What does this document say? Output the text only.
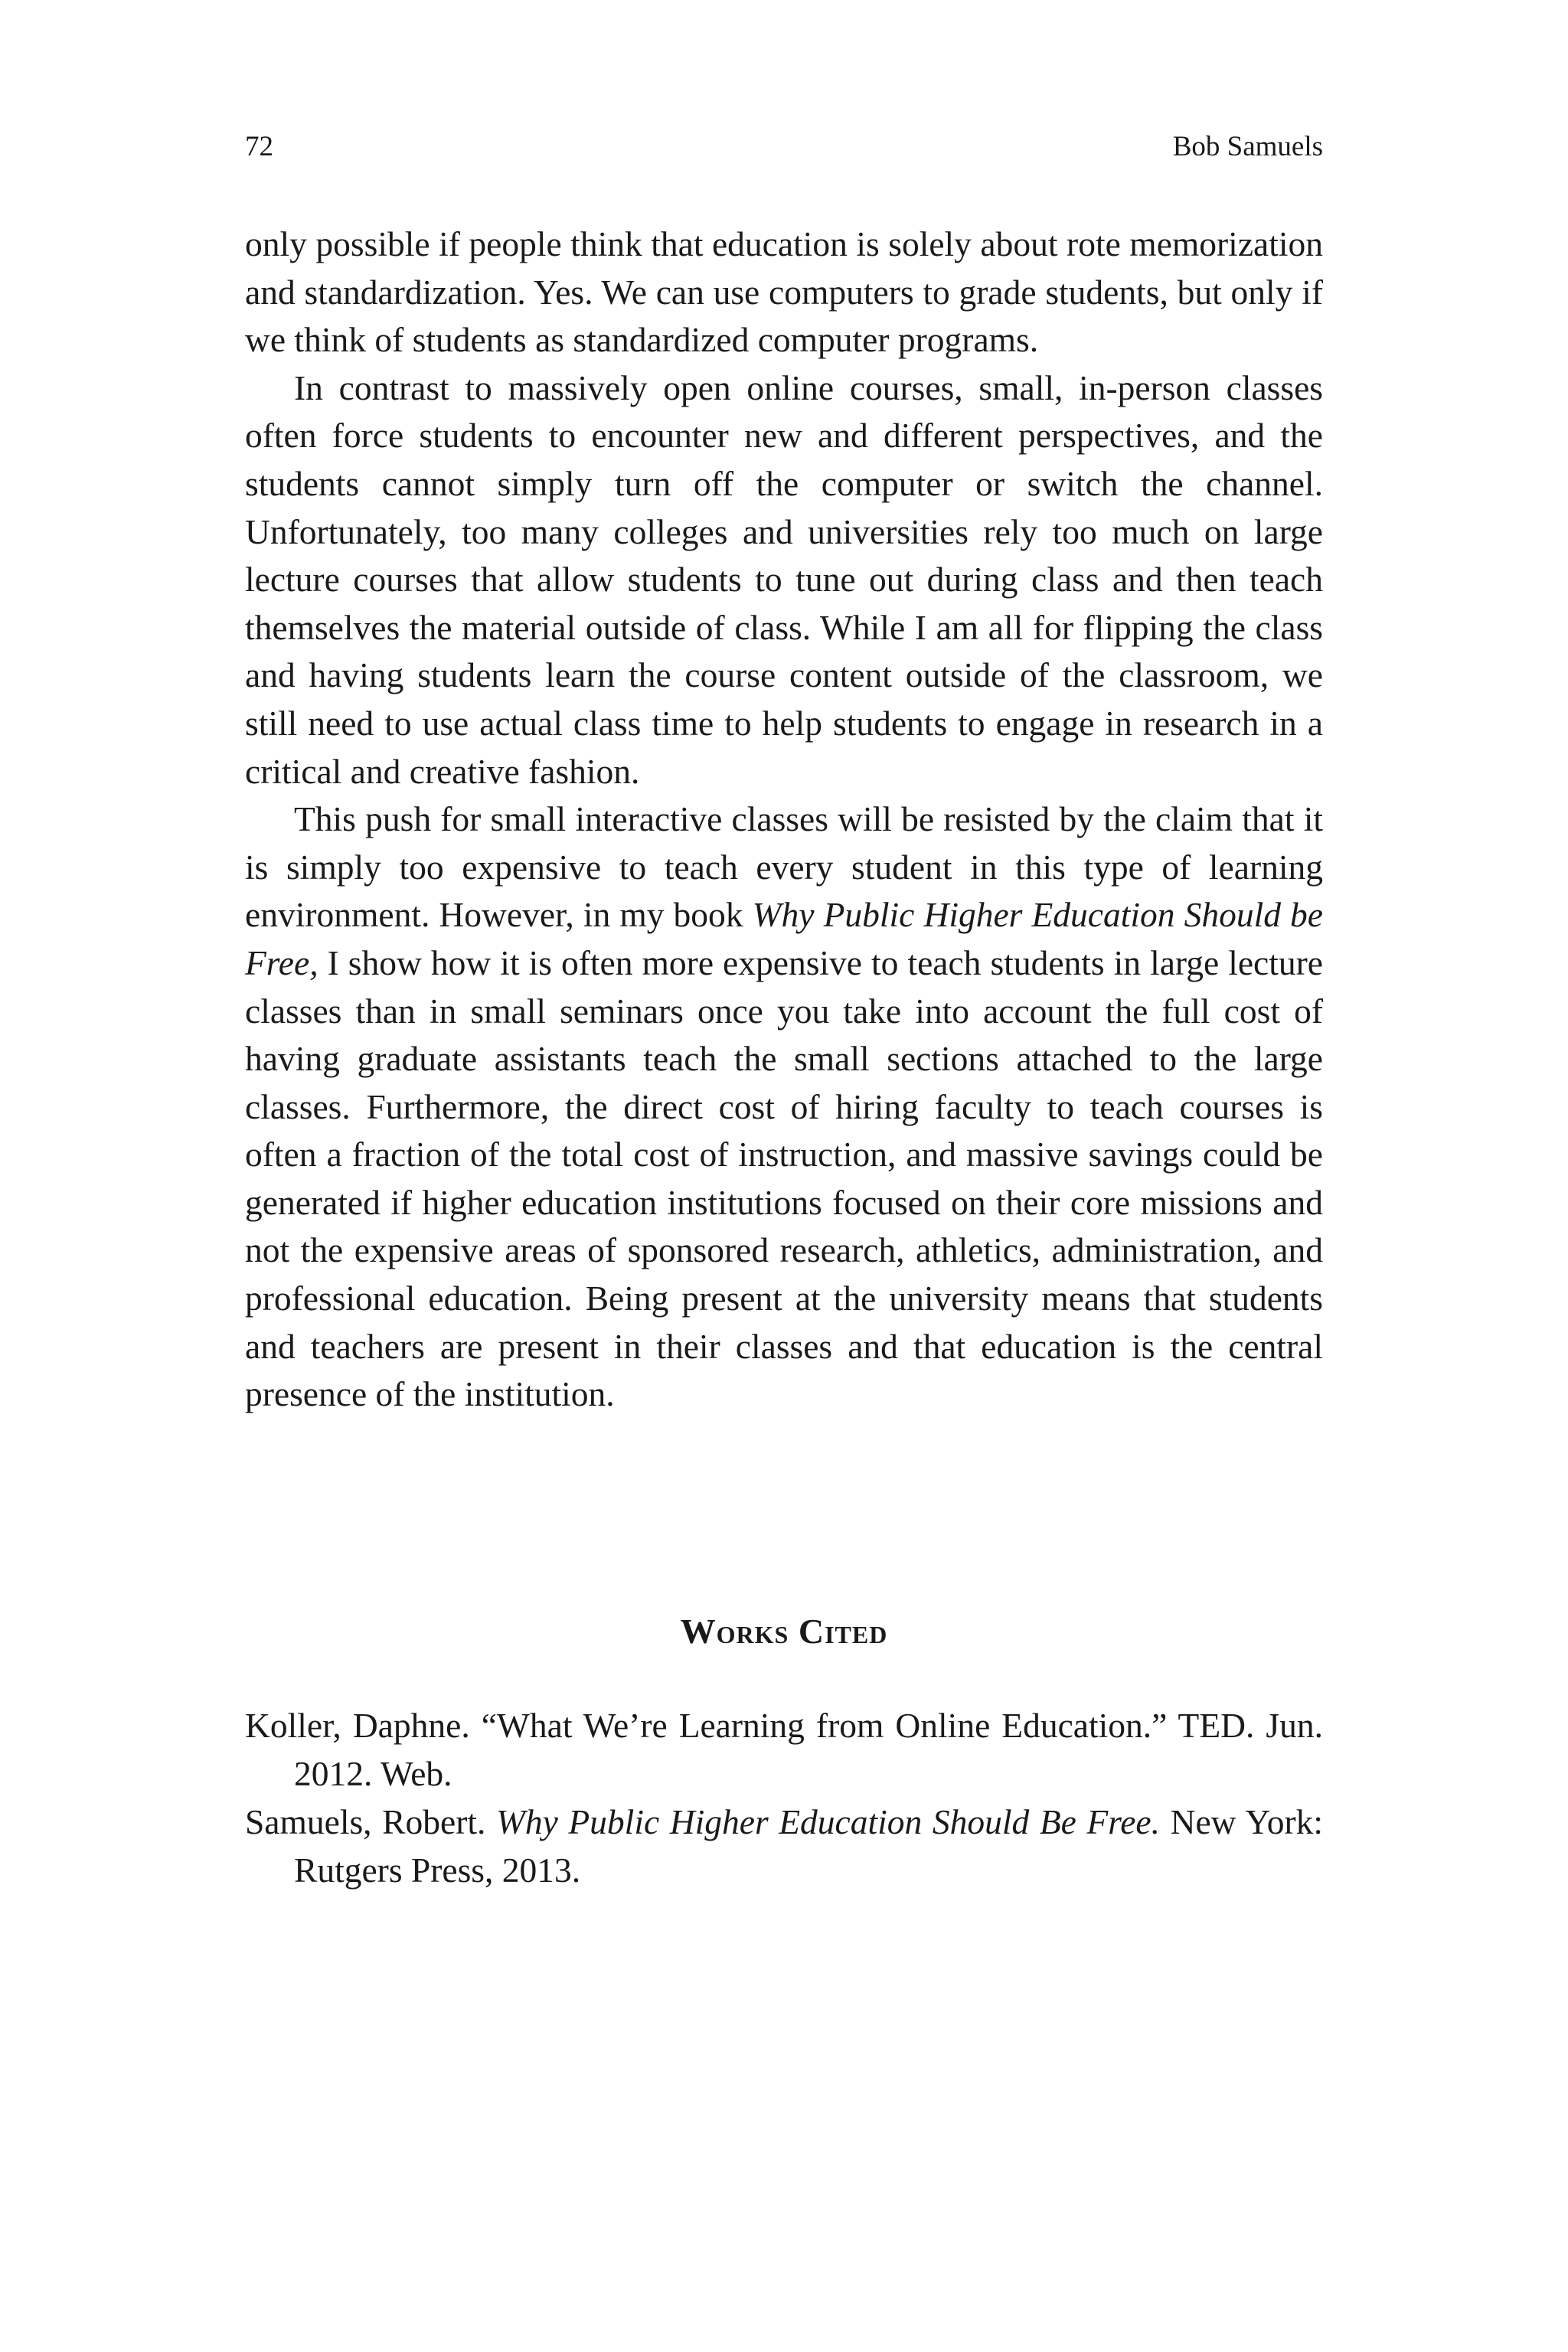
72	Bob Samuels

only possible if people think that education is solely about rote memorization and standardization. Yes. We can use computers to grade students, but only if we think of students as standardized computer programs.

In contrast to massively open online courses, small, in-person classes often force students to encounter new and different perspectives, and the students cannot simply turn off the computer or switch the channel. Unfortunately, too many colleges and universities rely too much on large lecture courses that allow students to tune out during class and then teach themselves the material outside of class. While I am all for flipping the class and having students learn the course content outside of the classroom, we still need to use actual class time to help students to engage in research in a critical and creative fashion.

This push for small interactive classes will be resisted by the claim that it is simply too expensive to teach every student in this type of learning environment. However, in my book Why Public Higher Education Should be Free, I show how it is often more expensive to teach students in large lecture classes than in small seminars once you take into account the full cost of having graduate assistants teach the small sections attached to the large classes. Furthermore, the direct cost of hiring faculty to teach courses is often a fraction of the total cost of instruction, and massive savings could be generated if higher education institutions focused on their core missions and not the expensive areas of sponsored research, athletics, administration, and professional education. Being present at the university means that students and teachers are present in their classes and that education is the central presence of the institution.

Works Cited

Koller, Daphne. “What We’re Learning from Online Education.” TED. Jun. 2012. Web.

Samuels, Robert. Why Public Higher Education Should Be Free. New York: Rutgers Press, 2013.
